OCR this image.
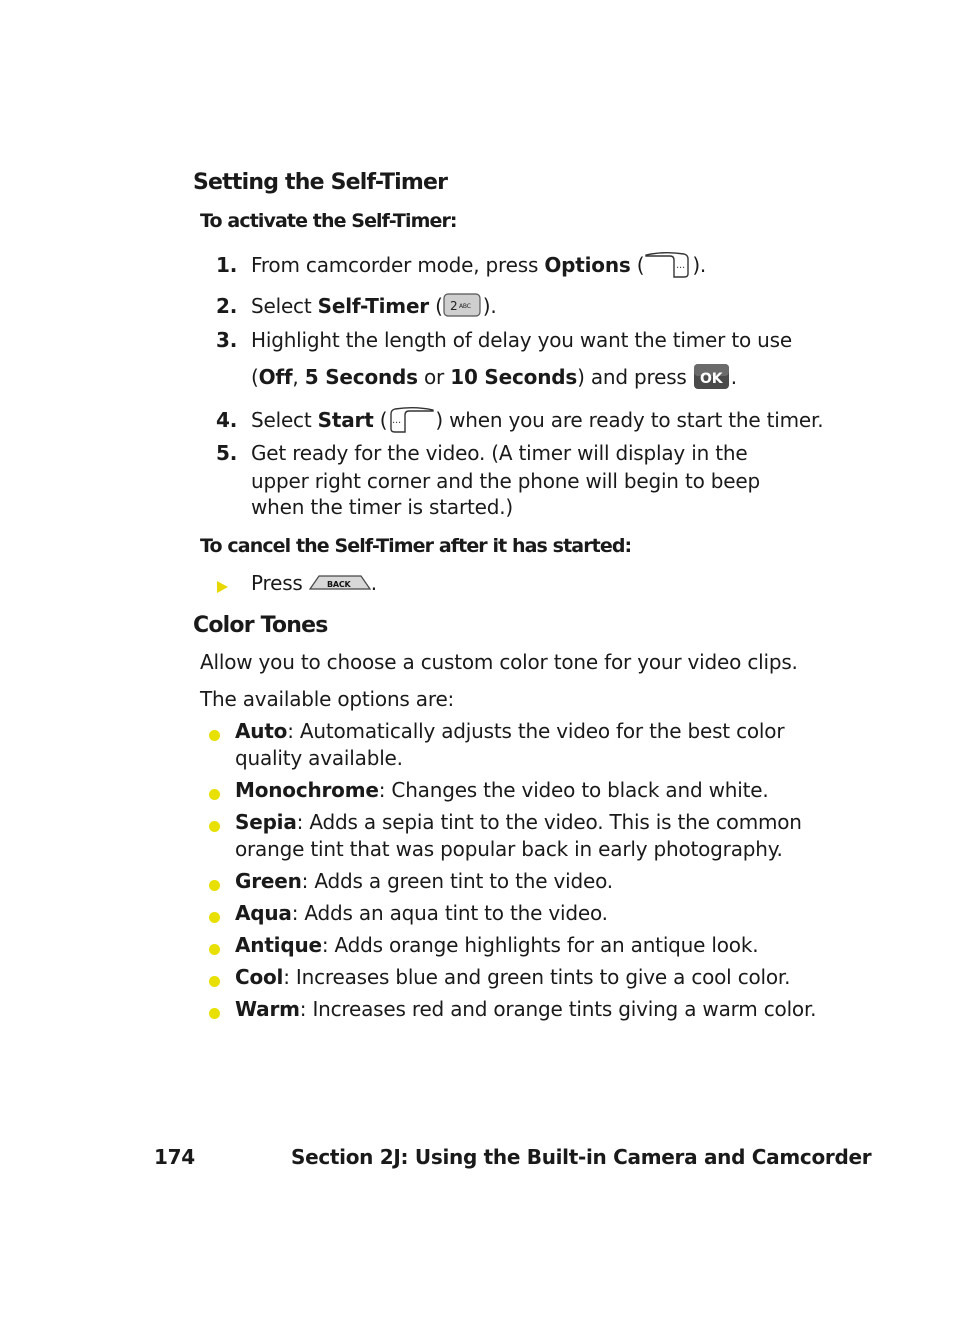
Setting the Self-Timer
To activate the Self-Timer:
1. From camcorder mode, press Options (	··· ).
2. Select Self-Timer ( 2 ABC ).
3. Highlight the length of delay you want the timer to use
(Off, 5 Seconds or 10 Seconds) and press OK .
4. Select Start ( ··· ) when you are ready to start the timer.
5. Get ready for the video. (A timer will display in the
upper right corner and the phone will begin to beep
when the timer is started.)
To cancel the Self-Timer after it has started:
Press BACK .
Color Tones
Allow you to choose a custom color tone for your video clips.
The available options are:
Auto: Automatically adjusts the video for the best color
quality available.
Monochrome: Changes the video to black and white.
Sepia: Adds a sepia tint to the video. This is the common
orange tint that was popular back in early photography.
Green: Adds a green tint to the video.
Aqua: Adds an aqua tint to the video.
Antique: Adds orange highlights for an antique look.
Cool: Increases blue and green tints to give a cool color.
Warm: Increases red and orange tints giving a warm color.
174	Section 2J: Using the Built-in Camera and Camcorder
